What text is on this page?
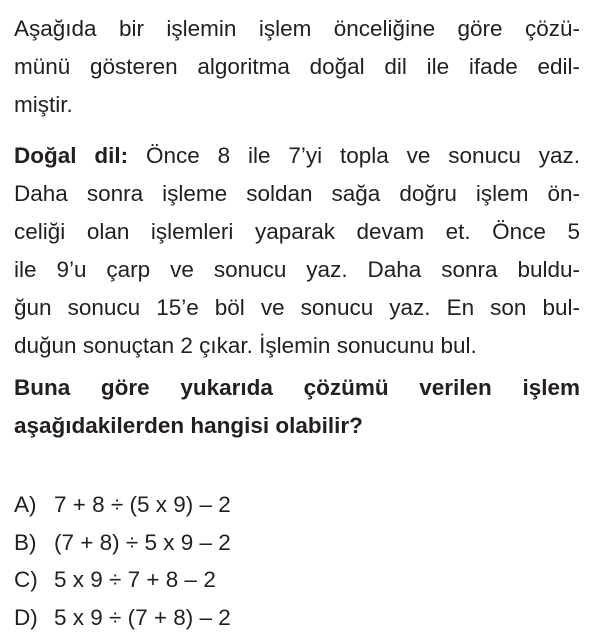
Aşağıda bir işlemin işlem önceliğine göre çözü-
münü gösteren algoritma doğal dil ile ifade edil-
miştir.

Doğal dil: Önce 8 ile 7’yi topla ve sonucu yaz.
Daha sonra işleme soldan sağa doğru işlem ön-
celiği olan işlemleri yaparak devam et. Önce 5
ile 9’u çarp ve sonucu yaz. Daha sonra buldu-
ğun sonucu 15’e böl ve sonucu yaz. En son bul-
duğun sonuçtan 2 çıkar. İşlemin sonucunu bul.

Buna göre yukarıda çözümü verilen işlem
aşağıdakilerden hangisi olabilir?

A) 7 + 8 ÷ (5 x 9) – 2
B) (7 + 8) ÷ 5 x 9 – 2
C) 5 x 9 ÷ 7 + 8 – 2
D) 5 x 9 ÷ (7 + 8) – 2
